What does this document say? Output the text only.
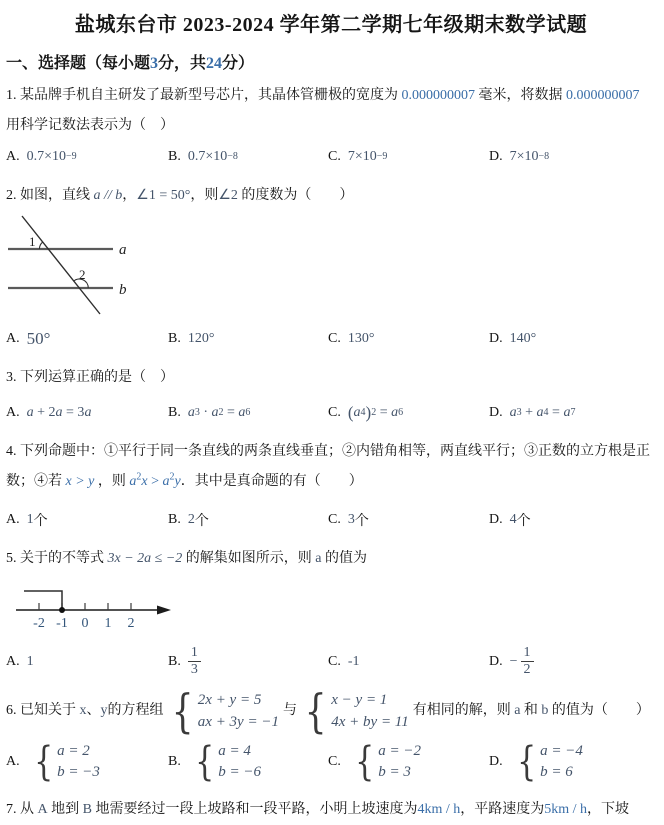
盐城东台市 2023-2024 学年第二学期七年级期末数学试题
一、选择题（每小题3分，共24分）

1. 某品牌手机自主研发了最新型号芯片，其晶体管栅极的宽度为 0.000000007 毫米，将数据 0.000000007 用科学记数法表示为（　）

A. 0.7×10 −9	B. 0.7×10 −8	C. 7×10 −9	D. 7×10 −8

2. 如图，直线 a // b，∠1 = 50°，则∠2 的度数为（　　）

1
2
a
b
A. 50°	B. 120°	C. 130°	D. 140°

3. 下列运算正确的是（　）

A. a + 2 a = 3 a	B. a 3 · a 2 = a 6	C. ( a 4 ) 2 = a 6	D. a 3 + a 4 = a 7

4. 下列命题中：①平行于同一条直线的两条直线垂直；②内错角相等，两直线平行；③正数的立方根是正数；④若 x > y ，则 $a^2x > a^2y$．其中是真命题的有（　　）

A. 1 个	B. 2 个	C. 3 个	D. 4 个

5. 关于的不等式 3x − 2a ≤ −2 的解集如图所示，则 a 的值为

-2 -1 0 1 2
A. 1	B. $\frac{1}{3}$	C. -1	D. − $\frac{1}{2}$
6. 已知关于 x、y的方程组 { 2x + y = 5
ax + 3y = −1
与 { x − y = 1
4x + by = 11
有相同的解，则 a 和 b 的值为（　　）
A. { a = 2
b = −3
B. { a = 4
b = −6
C. { a = −2
b = 3
D. { a = −4
b = 6

7. 从 A 地到 B 地需要经过一段上坡路和一段平路，小明上坡速度为4km / h，平路速度为5km / h，下坡
